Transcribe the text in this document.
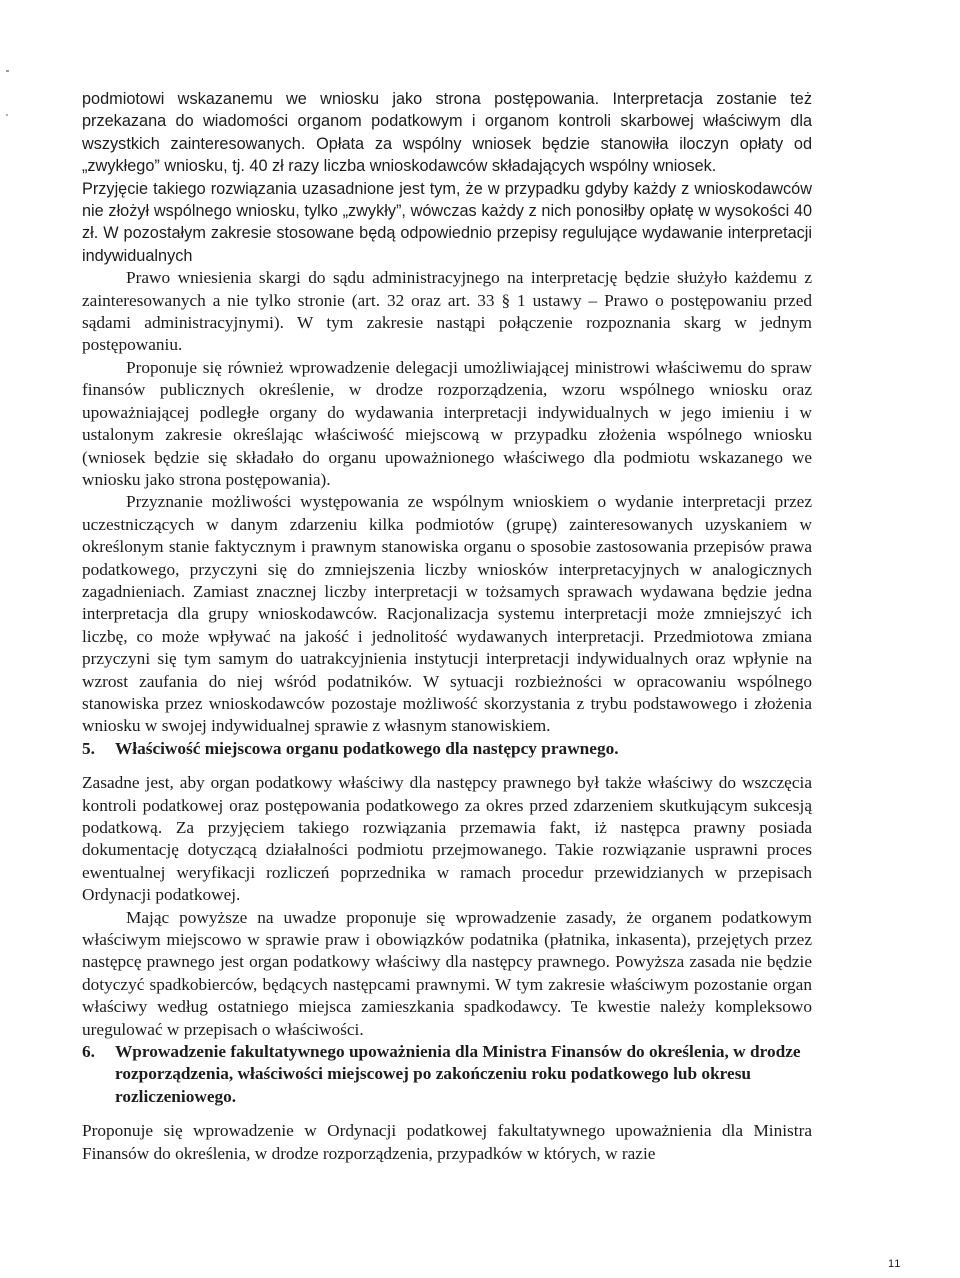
podmiotowi wskazanemu we wniosku jako strona postępowania. Interpretacja zostanie też przekazana do wiadomości organom podatkowym i organom kontroli skarbowej właściwym dla wszystkich zainteresowanych. Opłata za wspólny wniosek będzie stanowiła iloczyn opłaty od „zwykłego” wniosku, tj. 40 zł razy liczba wnioskodawców składających wspólny wniosek.

Przyjęcie takiego rozwiązania uzasadnione jest tym, że w przypadku gdyby każdy z wnioskodawców nie złożył wspólnego wniosku, tylko „zwykły”, wówczas każdy z nich ponosiłby opłatę w wysokości 40 zł. W pozostałym zakresie stosowane będą odpowiednio przepisy regulujące wydawanie interpretacji indywidualnych

Prawo wniesienia skargi do sądu administracyjnego na interpretację będzie służyło każdemu z zainteresowanych a nie tylko stronie (art. 32 oraz art. 33 § 1 ustawy – Prawo o postępowaniu przed sądami administracyjnymi). W tym zakresie nastąpi połączenie rozpoznania skarg w jednym postępowaniu.

Proponuje się również wprowadzenie delegacji umożliwiającej ministrowi właściwemu do spraw finansów publicznych określenie, w drodze rozporządzenia, wzoru wspólnego wniosku oraz upoważniającej podległe organy do wydawania interpretacji indywidualnych w jego imieniu i w ustalonym zakresie określając właściwość miejscową w przypadku złożenia wspólnego wniosku (wniosek będzie się składało do organu upoważnionego właściwego dla podmiotu wskazanego we wniosku jako strona postępowania).

Przyznanie możliwości występowania ze wspólnym wnioskiem o wydanie interpretacji przez uczestniczących w danym zdarzeniu kilka podmiotów (grupę) zainteresowanych uzyskaniem w określonym stanie faktycznym i prawnym stanowiska organu o sposobie zastosowania przepisów prawa podatkowego, przyczyni się do zmniejszenia liczby wniosków interpretacyjnych w analogicznych zagadnieniach. Zamiast znacznej liczby interpretacji w tożsamych sprawach wydawana będzie jedna interpretacja dla grupy wnioskodawców. Racjonalizacja systemu interpretacji może zmniejszyć ich liczbę, co może wpływać na jakość i jednolitość wydawanych interpretacji. Przedmiotowa zmiana przyczyni się tym samym do uatrakcyjnienia instytucji interpretacji indywidualnych oraz wpłynie na wzrost zaufania do niej wśród podatników. W sytuacji rozbieżności w opracowaniu wspólnego stanowiska przez wnioskodawców pozostaje możliwość skorzystania z trybu podstawowego i złożenia wniosku w swojej indywidualnej sprawie z własnym stanowiskiem.

5.	Właściwość miejscowa organu podatkowego dla następcy prawnego.

Zasadne jest, aby organ podatkowy właściwy dla następcy prawnego był także właściwy do wszczęcia kontroli podatkowej oraz postępowania podatkowego za okres przed zdarzeniem skutkującym sukcesją podatkową. Za przyjęciem takiego rozwiązania przemawia fakt, iż następca prawny posiada dokumentację dotyczącą działalności podmiotu przejmowanego. Takie rozwiązanie usprawni proces ewentualnej weryfikacji rozliczeń poprzednika w ramach procedur przewidzianych w przepisach Ordynacji podatkowej.

Mając powyższe na uwadze proponuje się wprowadzenie zasady, że organem podatkowym właściwym miejscowo w sprawie praw i obowiązków podatnika (płatnika, inkasenta), przejętych przez następcę prawnego jest organ podatkowy właściwy dla następcy prawnego. Powyższa zasada nie będzie dotyczyć spadkobierców, będących następcami prawnymi. W tym zakresie właściwym pozostanie organ właściwy według ostatniego miejsca zamieszkania spadkodawcy. Te kwestie należy kompleksowo uregulować w przepisach o właściwości.

6.	Wprowadzenie fakultatywnego upoważnienia dla Ministra Finansów do określenia, w drodze rozporządzenia, właściwości miejscowej po zakończeniu roku podatkowego lub okresu rozliczeniowego.

Proponuje się wprowadzenie w Ordynacji podatkowej fakultatywnego upoważnienia dla Ministra Finansów do określenia, w drodze rozporządzenia, przypadków w których, w razie

11
